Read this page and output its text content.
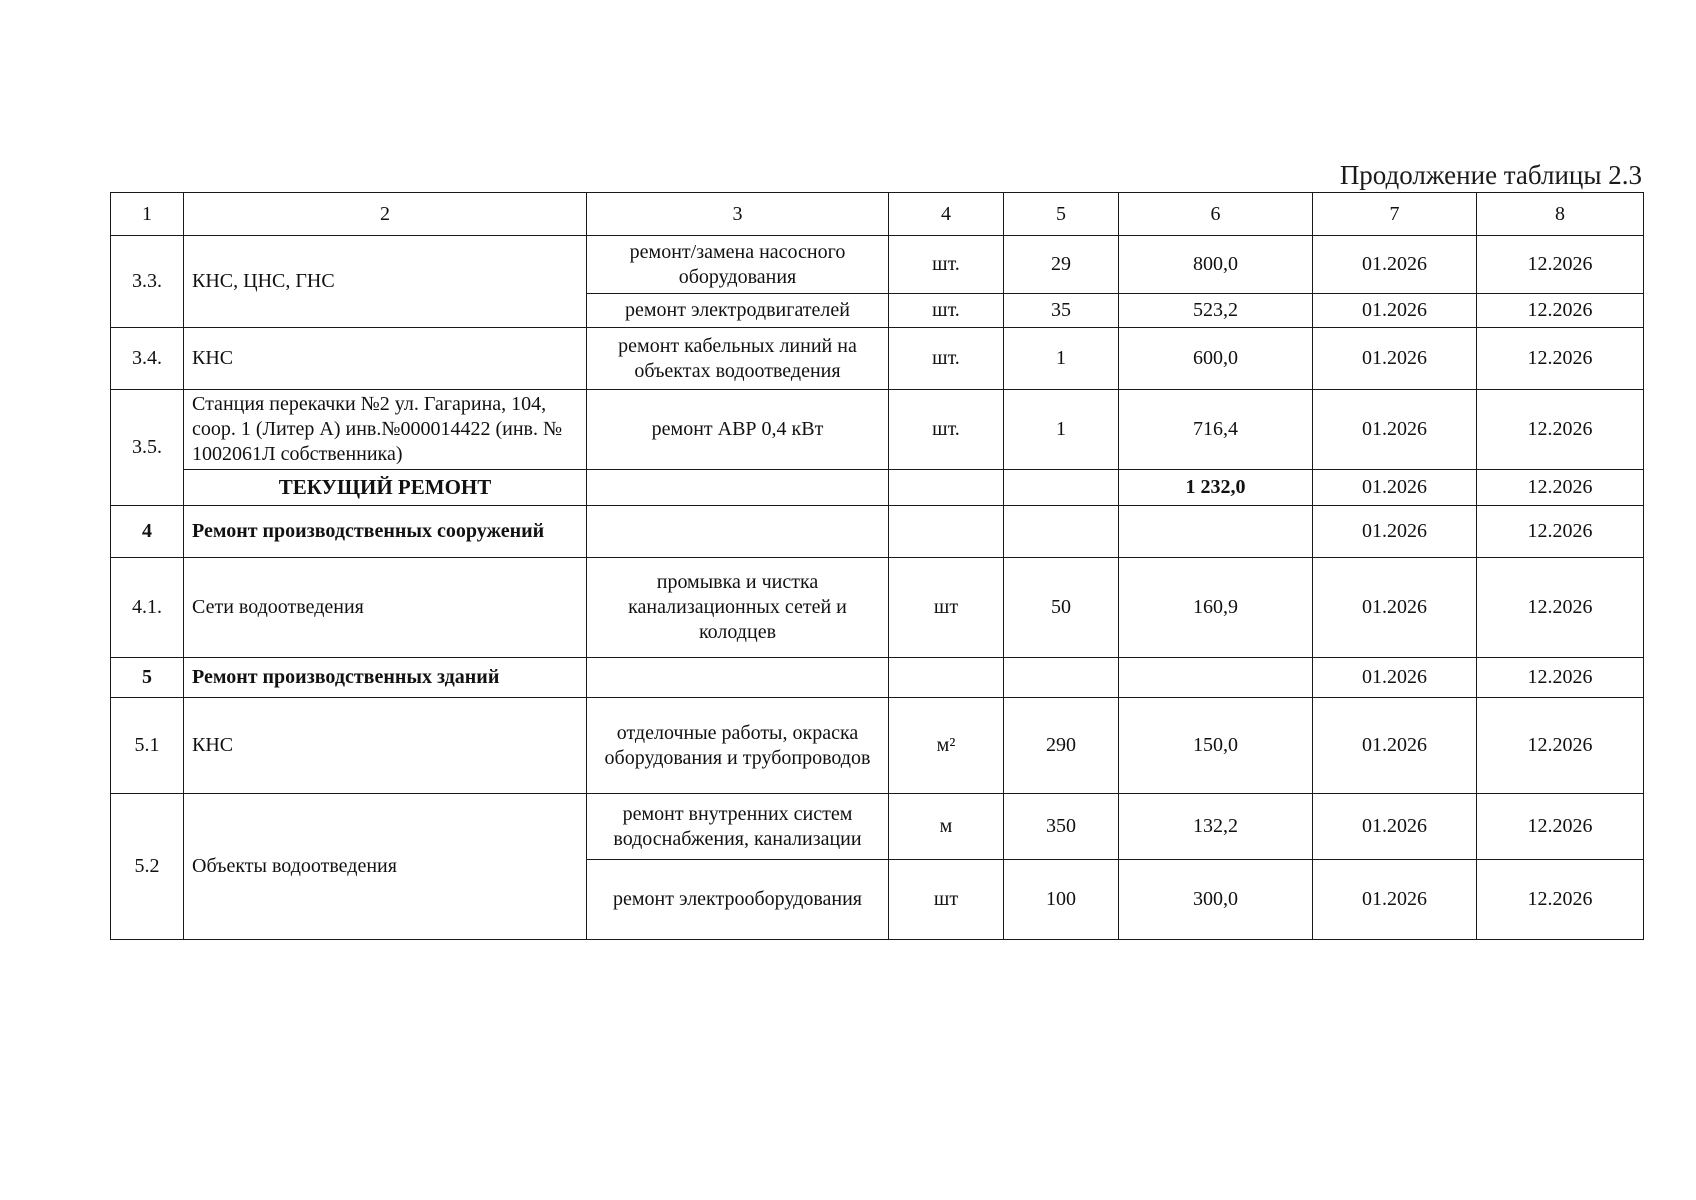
Продолжение таблицы 2.3
1	2	3	4	5	6	7	8
3.3.	КНС, ЦНС, ГНС	ремонт/замена насосного оборудования	шт.	29	800,0	01.2026	12.2026
		ремонт электродвигателей	шт.	35	523,2	01.2026	12.2026
3.4.	КНС	ремонт кабельных линий на объектах водоотведения	шт.	1	600,0	01.2026	12.2026
3.5.	Станция перекачки №2 ул. Гагарина, 104, соор. 1 (Литер А) инв.№000014422 (инв. № 1002061Л собственника)	ремонт АВР 0,4 кВт	шт.	1	716,4	01.2026	12.2026
	ТЕКУЩИЙ РЕМОНТ				1 232,0	01.2026	12.2026
4	Ремонт производственных сооружений					01.2026	12.2026
4.1.	Сети водоотведения	промывка и чистка канализационных сетей и колодцев	шт	50	160,9	01.2026	12.2026
5	Ремонт производственных зданий					01.2026	12.2026
5.1	КНС	отделочные работы, окраска оборудования и трубопроводов	м²	290	150,0	01.2026	12.2026
5.2	Объекты водоотведения	ремонт внутренних систем водоснабжения, канализации	м	350	132,2	01.2026	12.2026
		ремонт электрооборудования	шт	100	300,0	01.2026	12.2026
